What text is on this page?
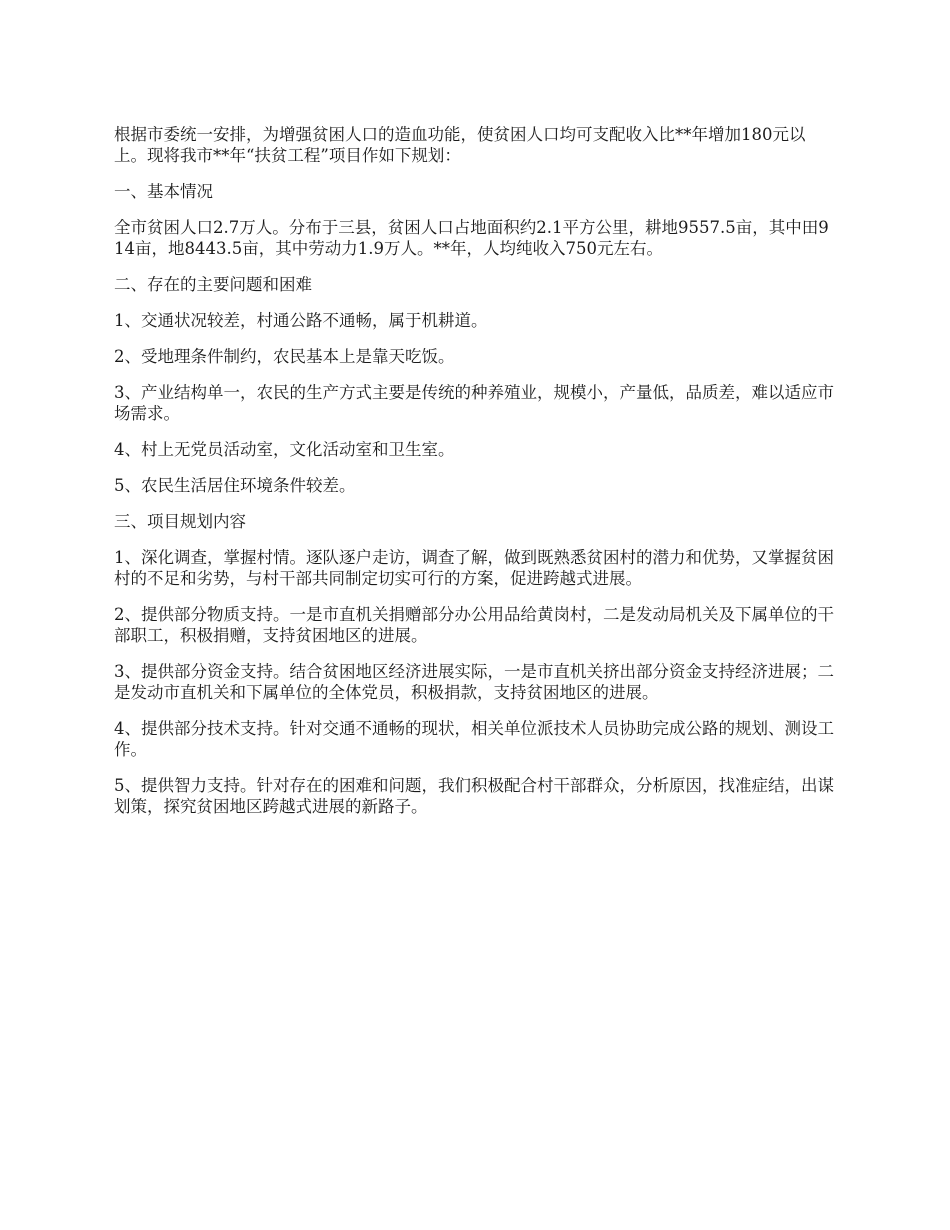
根据市委统一安排，为增强贫困人口的造血功能，使贫困人口均可支配收入比**年增加180元以上。现将我市**年“扶贫工程”项目作如下规划：

一、基本情况

全市贫困人口2.7万人。分布于三县，贫困人口占地面积约2.1平方公里，耕地9557.5亩，其中田914亩，地8443.5亩，其中劳动力1.9万人。**年，人均纯收入750元左右。

二、存在的主要问题和困难

1、交通状况较差，村通公路不通畅，属于机耕道。

2、受地理条件制约，农民基本上是靠天吃饭。

3、产业结构单一，农民的生产方式主要是传统的种养殖业，规模小，产量低，品质差，难以适应市场需求。

4、村上无党员活动室，文化活动室和卫生室。

5、农民生活居住环境条件较差。

三、项目规划内容

1、深化调查，掌握村情。逐队逐户走访，调查了解，做到既熟悉贫困村的潜力和优势，又掌握贫困村的不足和劣势，与村干部共同制定切实可行的方案，促进跨越式进展。

2、提供部分物质支持。一是市直机关捐赠部分办公用品给黄岗村，二是发动局机关及下属单位的干部职工，积极捐赠，支持贫困地区的进展。

3、提供部分资金支持。结合贫困地区经济进展实际，一是市直机关挤出部分资金支持经济进展；二是发动市直机关和下属单位的全体党员，积极捐款，支持贫困地区的进展。

4、提供部分技术支持。针对交通不通畅的现状，相关单位派技术人员协助完成公路的规划、测设工作。

5、提供智力支持。针对存在的困难和问题，我们积极配合村干部群众，分析原因，找准症结，出谋划策，探究贫困地区跨越式进展的新路子。
